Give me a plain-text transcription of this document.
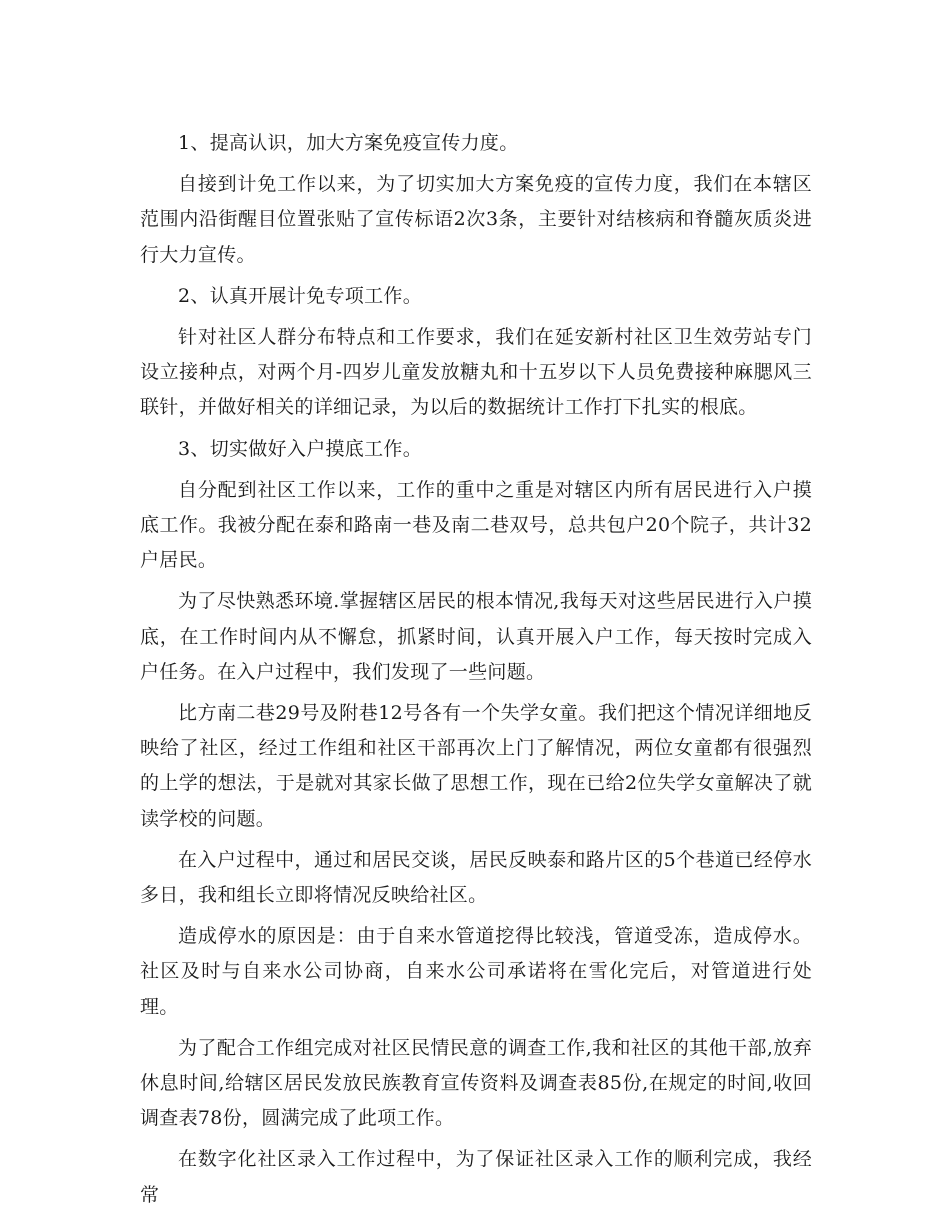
1、提高认识，加大方案免疫宣传力度。

自接到计免工作以来，为了切实加大方案免疫的宣传力度，我们在本辖区范围内沿街醒目位置张贴了宣传标语2次3条，主要针对结核病和脊髓灰质炎进行大力宣传。

2、认真开展计免专项工作。

针对社区人群分布特点和工作要求，我们在延安新村社区卫生效劳站专门设立接种点，对两个月-四岁儿童发放糖丸和十五岁以下人员免费接种麻腮风三联针，并做好相关的详细记录，为以后的数据统计工作打下扎实的根底。

3、切实做好入户摸底工作。

自分配到社区工作以来，工作的重中之重是对辖区内所有居民进行入户摸底工作。我被分配在泰和路南一巷及南二巷双号，总共包户20个院子，共计32户居民。

为了尽快熟悉环境.掌握辖区居民的根本情况,我每天对这些居民进行入户摸底，在工作时间内从不懈怠，抓紧时间，认真开展入户工作，每天按时完成入户任务。在入户过程中，我们发现了一些问题。

比方南二巷29号及附巷12号各有一个失学女童。我们把这个情况详细地反映给了社区，经过工作组和社区干部再次上门了解情况，两位女童都有很强烈的上学的想法，于是就对其家长做了思想工作，现在已给2位失学女童解决了就读学校的问题。

在入户过程中，通过和居民交谈，居民反映泰和路片区的5个巷道已经停水多日，我和组长立即将情况反映给社区。

造成停水的原因是：由于自来水管道挖得比较浅，管道受冻，造成停水。社区及时与自来水公司协商，自来水公司承诺将在雪化完后，对管道进行处理。

为了配合工作组完成对社区民情民意的调查工作,我和社区的其他干部,放弃休息时间,给辖区居民发放民族教育宣传资料及调查表85份,在规定的时间,收回调查表78份，圆满完成了此项工作。

在数字化社区录入工作过程中，为了保证社区录入工作的顺利完成，我经常
